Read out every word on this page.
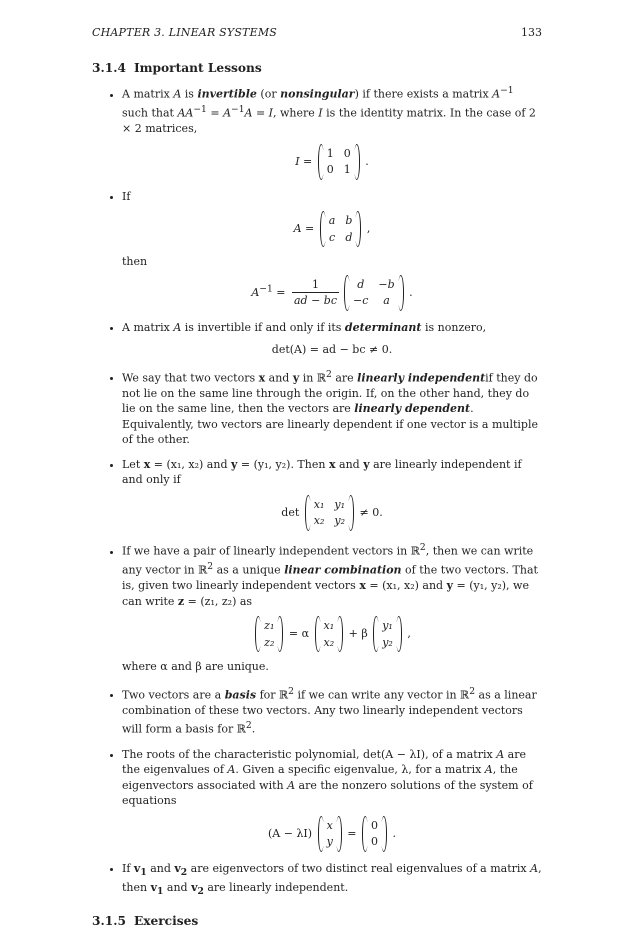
CHAPTER 3. LINEAR SYSTEMS	133
3.1.4 Important Lessons
• A matrix A is invertible (or nonsingular) if there exists a matrix $A^{-1}$ such that $AA^{-1} = A^{-1}A = I$, where I is the identity matrix. In the case of 2 × 2 matrices,
I =
1 0
0 1
.
• If
A =
a b
c d
,
then
$A^{-1} = \frac{1}{ad - bc}$	d	−b
−c	a
.
• A matrix A is invertible if and only if its determinant is nonzero,
det(A) = ad − bc ≠ 0.
• We say that two vectors x and y in ℝ$^2$ are linearly independentif they do not lie on the same line through the origin. If, on the other hand, they do lie on the same line, then the vectors are linearly dependent. Equivalently, two vectors are linearly dependent if one vector is a multiple of the other.
• Let x = (x₁, x₂) and y = (y₁, y₂). Then x and y are linearly independent if and only if
det
x₁ y₁
x₂ y₂
≠ 0.
• If we have a pair of linearly independent vectors in ℝ$^2$, then we can write any vector in ℝ$^2$ as a unique linear combination of the two vectors. That is, given two linearly independent vectors x = (x₁, x₂) and y = (y₁, y₂), we can write z = (z₁, z₂) as
z₁
z₂
= α
x₁
x₂
+ β
y₁
y₂
,
where α and β are unique.
• Two vectors are a basis for ℝ$^2$ if we can write any vector in ℝ$^2$ as a linear combination of these two vectors. Any two linearly independent vectors will form a basis for ℝ$^2$.
• The roots of the characteristic polynomial, det(A − λI), of a matrix A are the eigenvalues of A. Given a specific eigenvalue, λ, for a matrix A, the eigenvectors associated with A are the nonzero solutions of the system of equations
(A − λI)
x
y
=
0
0
.
• If $v_1$ and $v_2$ are eigenvectors of two distinct real eigenvalues of a matrix A, then $v_1$ and $v_2$ are linearly independent.
3.1.5 Exercises
